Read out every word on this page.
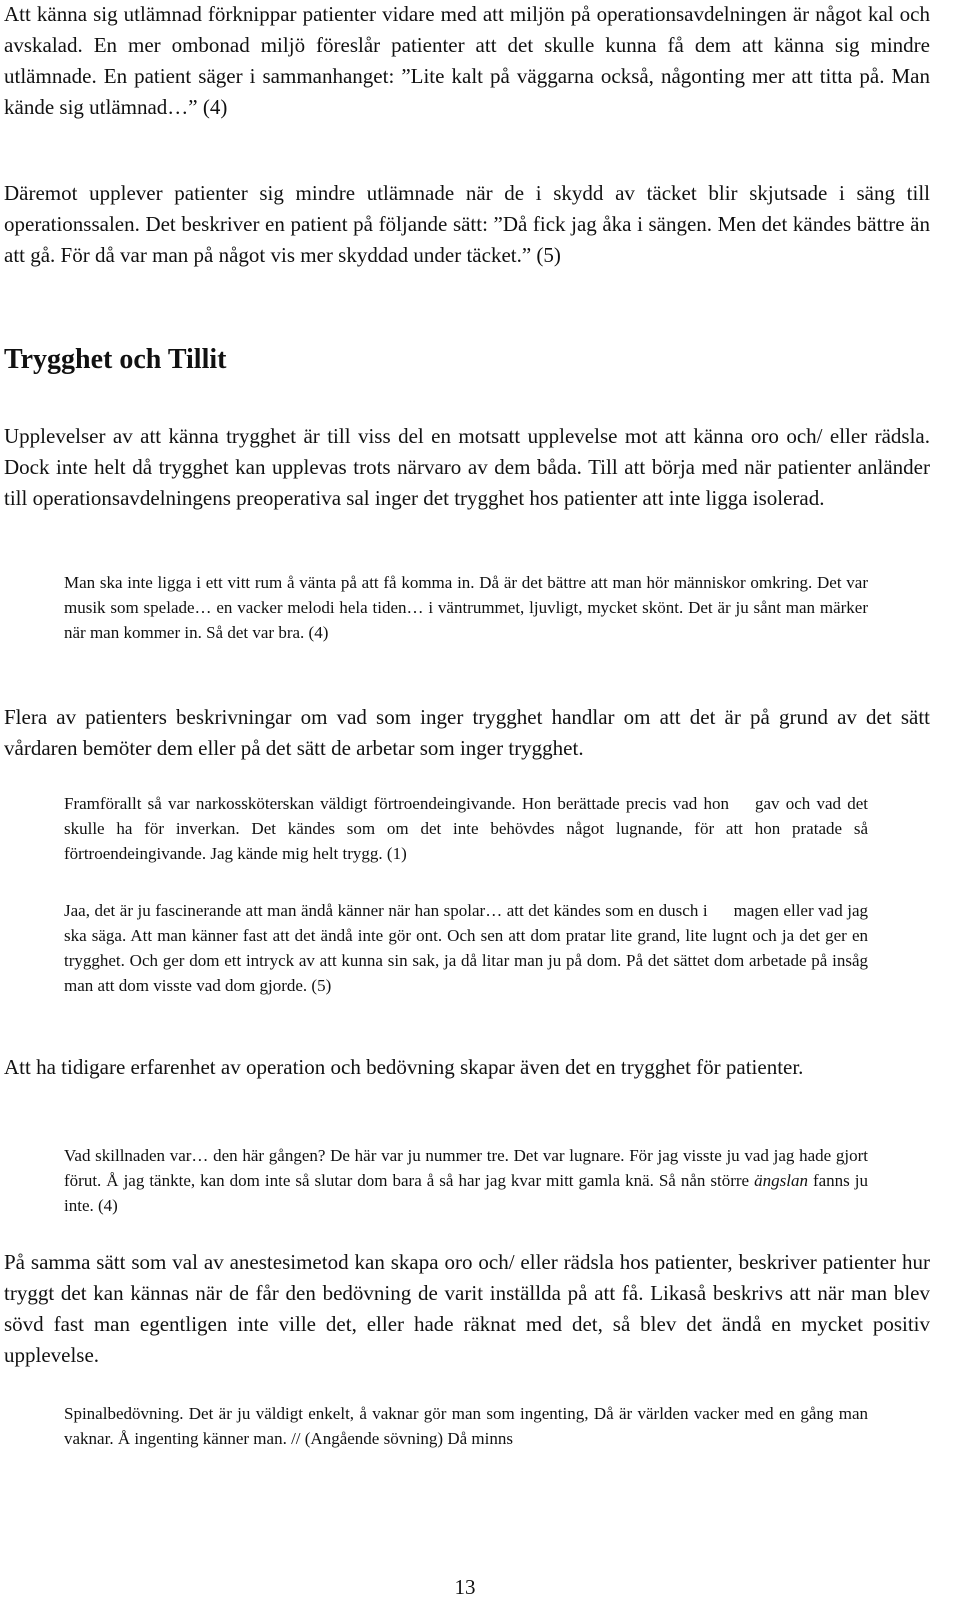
Att känna sig utlämnad förknippar patienter vidare med att miljön på operationsavdelningen är något kal och avskalad. En mer ombonad miljö föreslår patienter att det skulle kunna få dem att känna sig mindre utlämnade. En patient säger i sammanhanget: ”Lite kalt på väggarna också, någonting mer att titta på. Man kände sig utlämnad…” (4)

Däremot upplever patienter sig mindre utlämnade när de i skydd av täcket blir skjutsade i säng till operationssalen. Det beskriver en patient på följande sätt: ”Då fick jag åka i sängen. Men det kändes bättre än att gå. För då var man på något vis mer skyddad under täcket.” (5)

Trygghet och Tillit

Upplevelser av att känna trygghet är till viss del en motsatt upplevelse mot att känna oro och/ eller rädsla. Dock inte helt då trygghet kan upplevas trots närvaro av dem båda. Till att börja med när patienter anländer till operationsavdelningens preoperativa sal inger det trygghet hos patienter att inte ligga isolerad.

Man ska inte ligga i ett vitt rum å vänta på att få komma in. Då är det bättre att man hör människor omkring. Det var musik som spelade… en vacker melodi hela tiden… i väntrummet, ljuvligt, mycket skönt. Det är ju sånt man märker när man kommer in. Så det var bra. (4)

Flera av patienters beskrivningar om vad som inger trygghet handlar om att det är på grund av det sätt vårdaren bemöter dem eller på det sätt de arbetar som inger trygghet.

Framförallt så var narkossköterskan väldigt förtroendeingivande. Hon berättade precis vad hon gav och vad det skulle ha för inverkan. Det kändes som om det inte behövdes något lugnande, för att hon pratade så förtroendeingivande. Jag kände mig helt trygg. (1)

Jaa, det är ju fascinerande att man ändå känner när han spolar… att det kändes som en dusch i magen eller vad jag ska säga. Att man känner fast att det ändå inte gör ont. Och sen att dom pratar lite grand, lite lugnt och ja det ger en trygghet. Och ger dom ett intryck av att kunna sin sak, ja då litar man ju på dom. På det sättet dom arbetade på insåg man att dom visste vad dom gjorde. (5)

Att ha tidigare erfarenhet av operation och bedövning skapar även det en trygghet för patienter.

Vad skillnaden var… den här gången? De här var ju nummer tre. Det var lugnare. För jag visste ju vad jag hade gjort förut. Å jag tänkte, kan dom inte så slutar dom bara å så har jag kvar mitt gamla knä. Så nån större ängslan fanns ju inte. (4)

På samma sätt som val av anestesimetod kan skapa oro och/ eller rädsla hos patienter, beskriver patienter hur tryggt det kan kännas när de får den bedövning de varit inställda på att få. Likaså beskrivs att när man blev sövd fast man egentligen inte ville det, eller hade räknat med det, så blev det ändå en mycket positiv upplevelse.

Spinalbedövning. Det är ju väldigt enkelt, å vaknar gör man som ingenting, Då är världen vacker med en gång man vaknar. Å ingenting känner man. // (Angående sövning) Då minns

13
